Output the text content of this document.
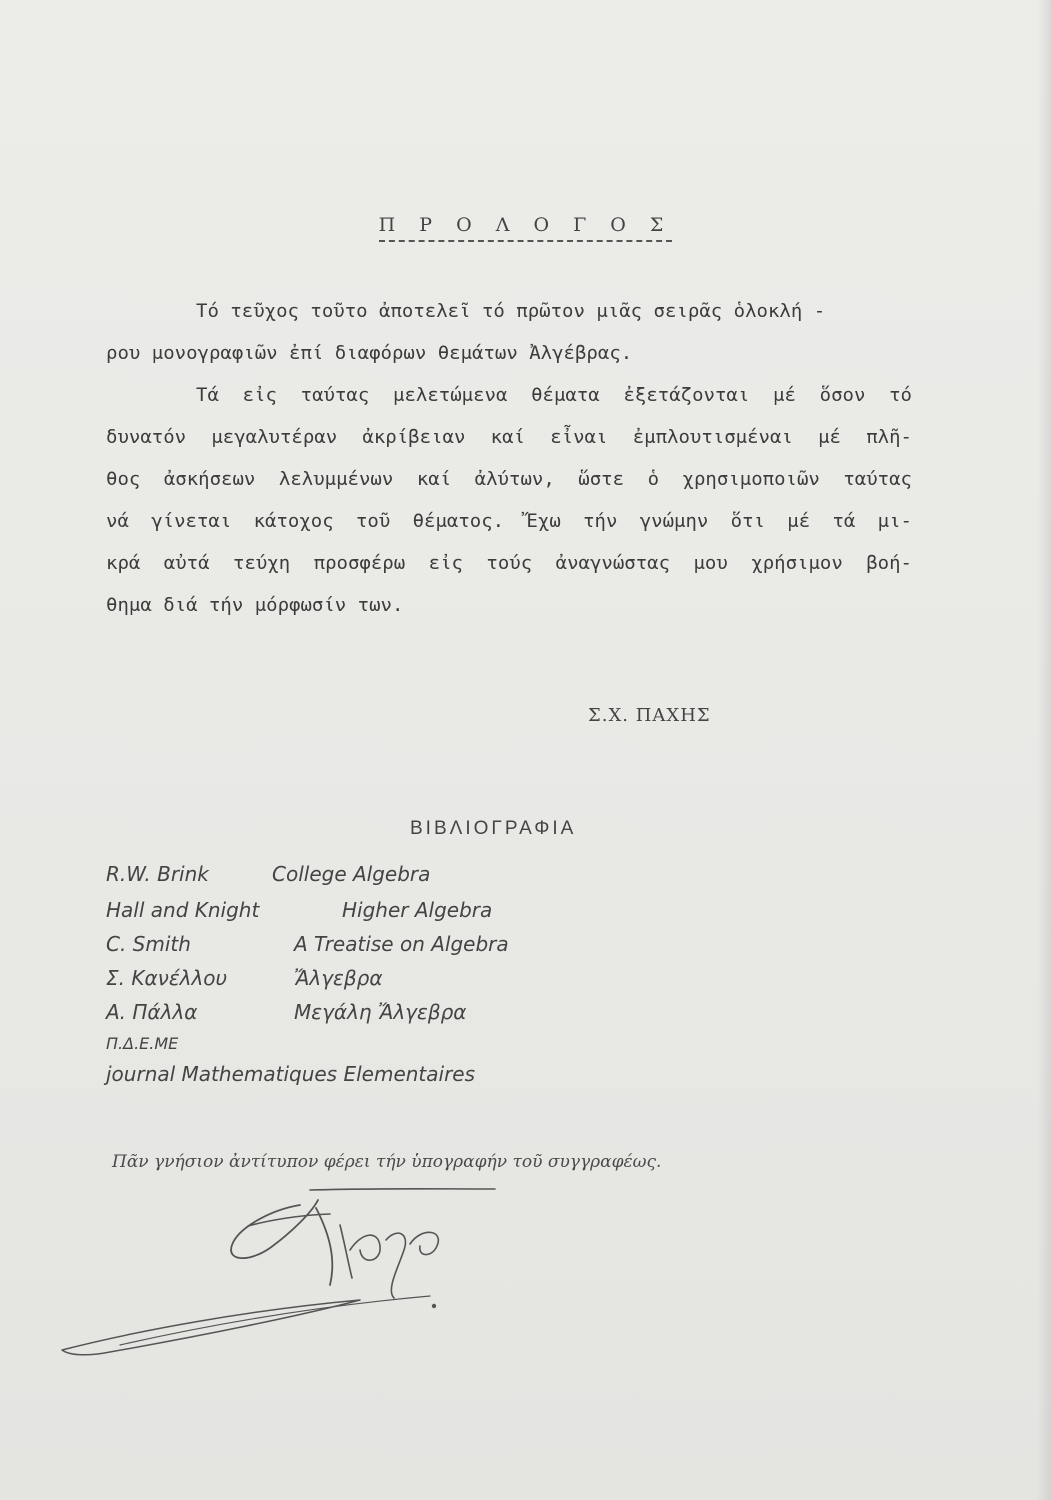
Π Ρ Ο Λ Ο Γ Ο Σ
Τό τεῦχος τοῦτο ἀποτελεῖ τό πρῶτον μιᾶς σειρᾶς ὁλοκλή -
ρου μονογραφιῶν ἐπί διαφόρων θεμάτων Ἀλγέβρας.
Τά εἰς ταύτας μελετώμενα θέματα ἐξετάζονται μέ ὅσον τό
δυνατόν μεγαλυτέραν ἀκρίβειαν καί εἶναι ἐμπλουτισμέναι μέ πλῆ-
θος ἀσκήσεων λελυμμένων καί ἀλύτων, ὥστε ὁ χρησιμοποιῶν ταύτας
νά γίνεται κάτοχος τοῦ θέματος. Ἔχω τήν γνώμην ὅτι μέ τά μι-
κρά αὐτά τεύχη προσφέρω εἰς τούς ἀναγνώστας μου χρήσιμον βοή-
θημα διά τήν μόρφωσίν των.
Σ.Χ. ΠΑΧΗΣ
ΒΙΒΛΙΟΓΡΑΦΙΑ
R.W. Brink	College Algebra
Hall and Knight	Higher Algebra
C. Smith	A Treatise on Algebra
Σ. Κανέλλου	Ἄλγεβρα
Α. Πάλλα	Μεγάλη Ἄλγεβρα
Π.Δ.Ε.ΜΕ
journal Mathematiques Elementaires
Πᾶν γνήσιον ἀντίτυπον φέρει τήν ὑπογραφήν τοῦ συγγραφέως.
